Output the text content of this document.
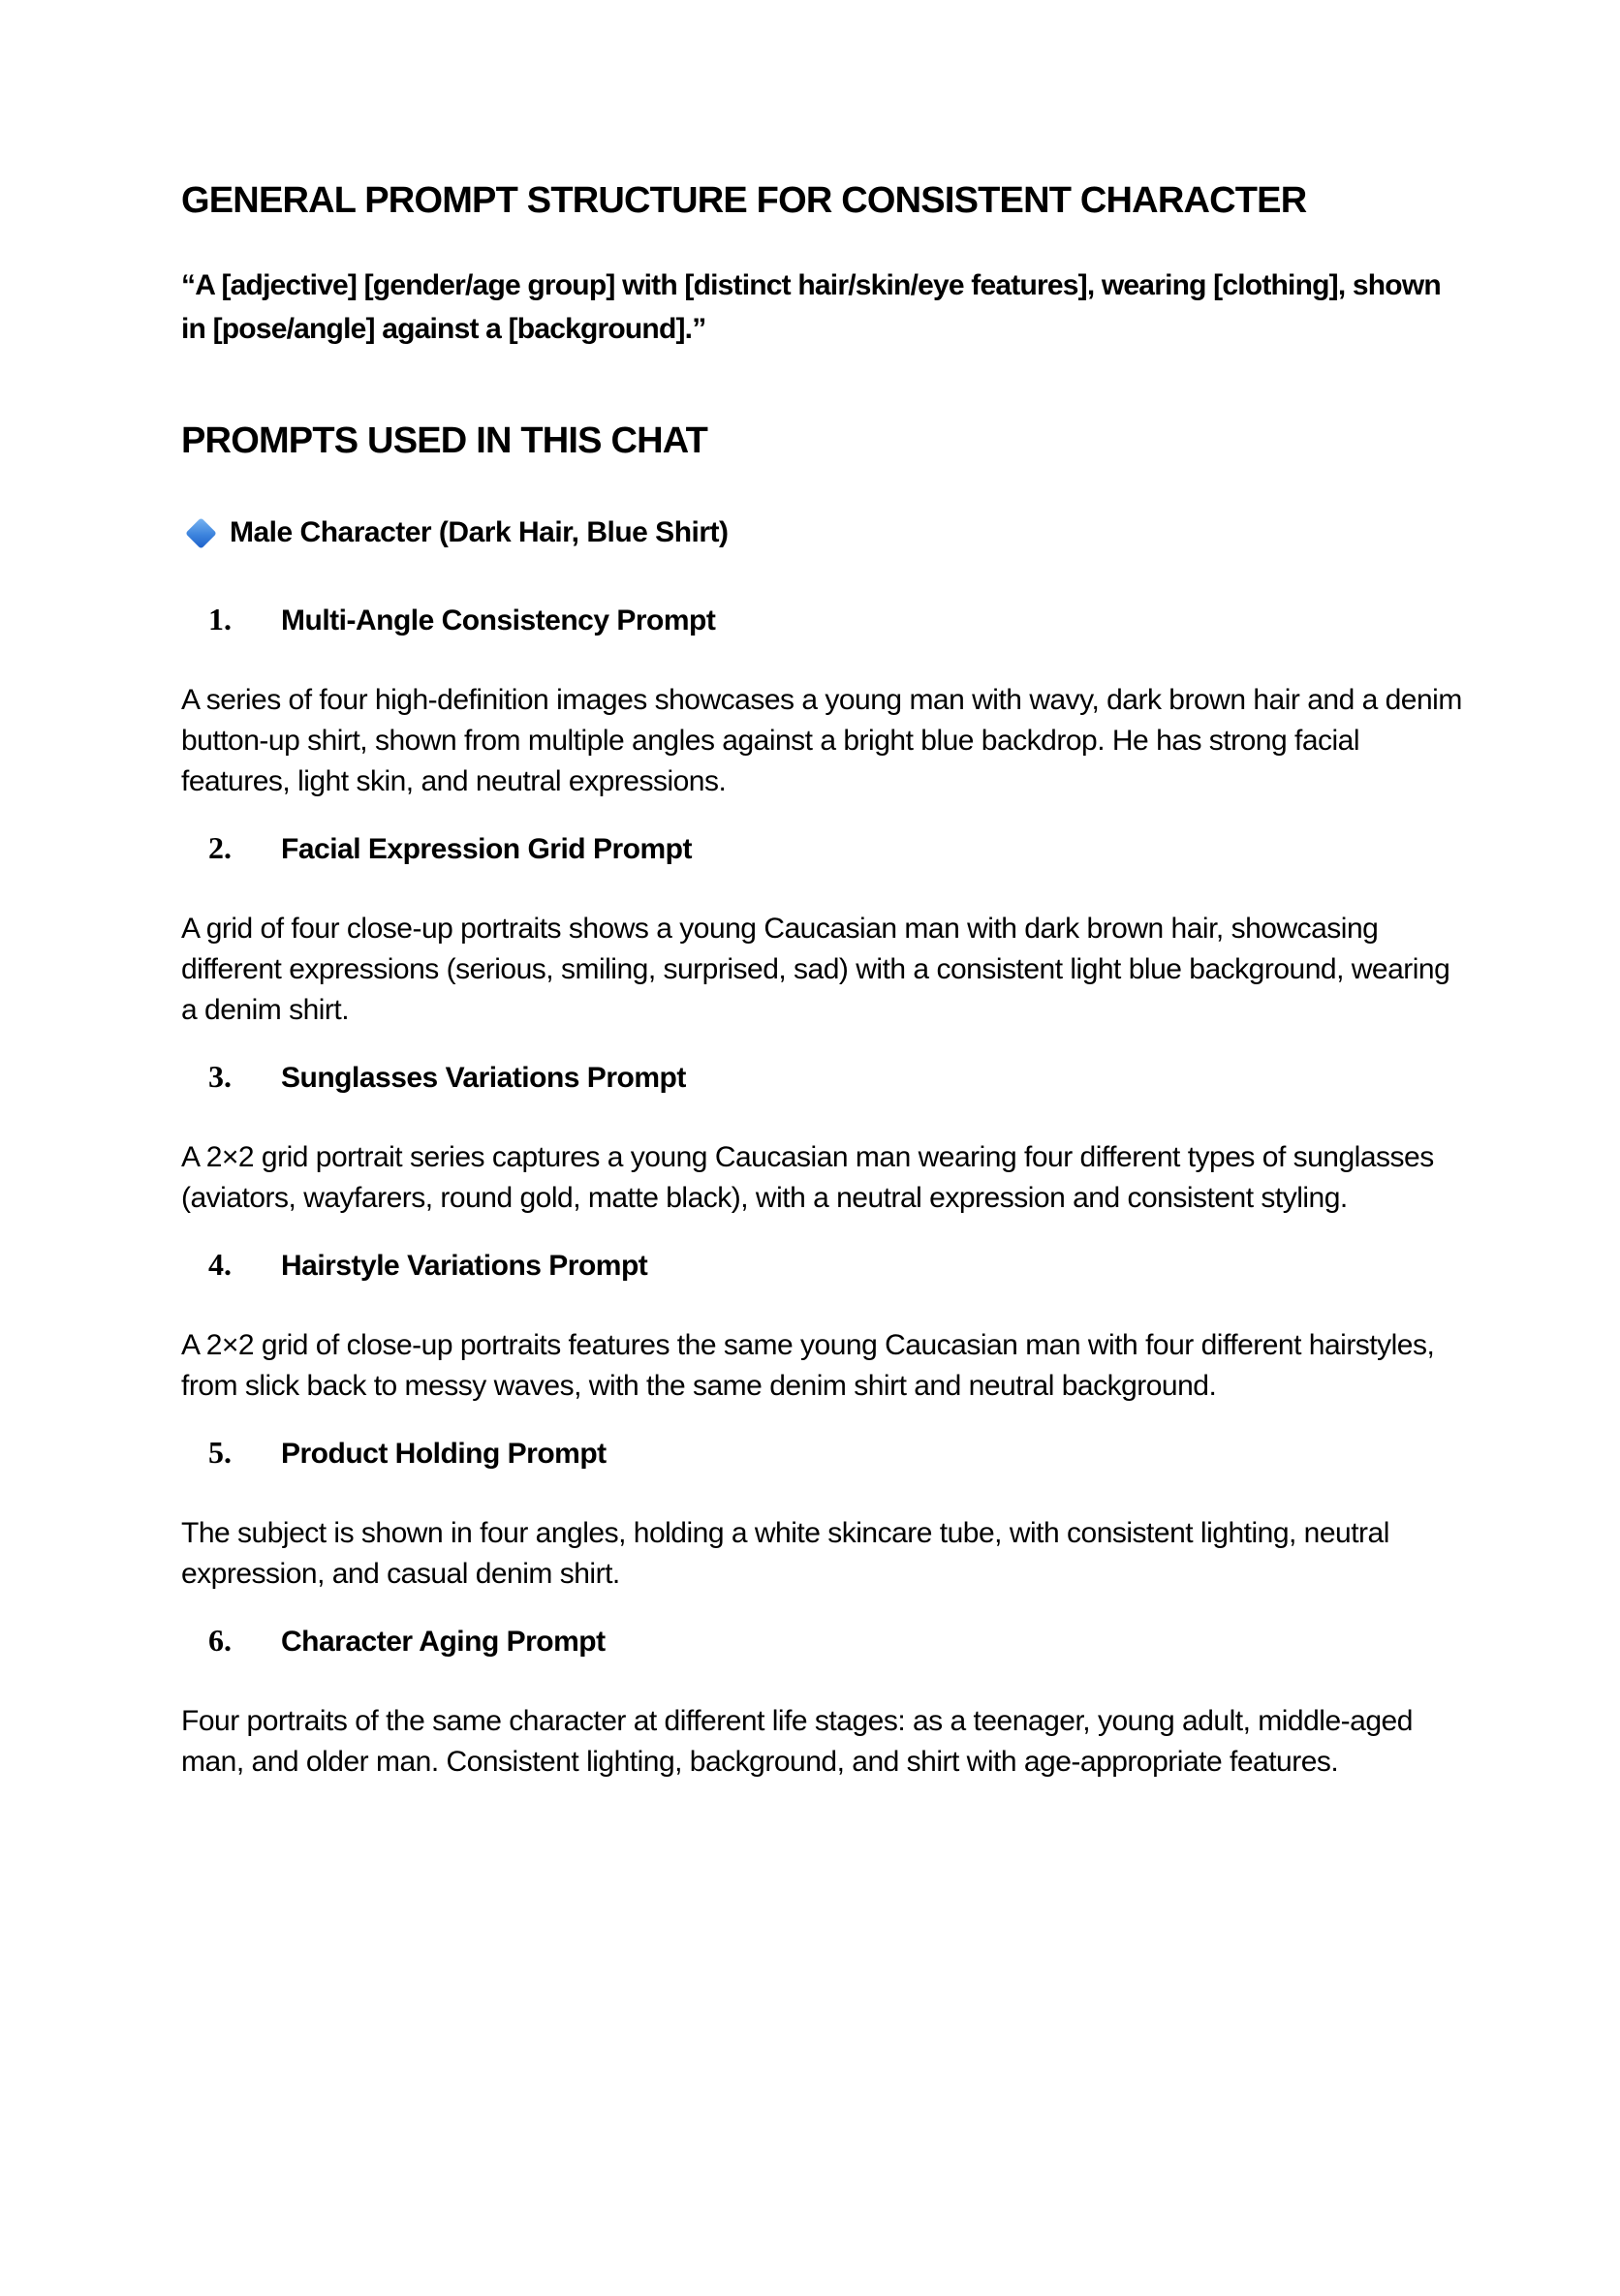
GENERAL PROMPT STRUCTURE FOR CONSISTENT CHARACTER

“A [adjective] [gender/age group] with [distinct hair/skin/eye features], wearing [clothing], shown in [pose/angle] against a [background].”

PROMPTS USED IN THIS CHAT
Male Character (Dark Hair, Blue Shirt)
1.	Multi-Angle Consistency Prompt

A series of four high-definition images showcases a young man with wavy, dark brown hair and a denim button-up shirt, shown from multiple angles against a bright blue backdrop. He has strong facial features, light skin, and neutral expressions.

2.	Facial Expression Grid Prompt

A grid of four close-up portraits shows a young Caucasian man with dark brown hair, showcasing different expressions (serious, smiling, surprised, sad) with a consistent light blue background, wearing a denim shirt.

3.	Sunglasses Variations Prompt

A 2×2 grid portrait series captures a young Caucasian man wearing four different types of sunglasses (aviators, wayfarers, round gold, matte black), with a neutral expression and consistent styling.

4.	Hairstyle Variations Prompt

A 2×2 grid of close-up portraits features the same young Caucasian man with four different hairstyles, from slick back to messy waves, with the same denim shirt and neutral background.

5.	Product Holding Prompt

The subject is shown in four angles, holding a white skincare tube, with consistent lighting, neutral expression, and casual denim shirt.

6.	Character Aging Prompt

Four portraits of the same character at different life stages: as a teenager, young adult, middle-aged man, and older man. Consistent lighting, background, and shirt with age-appropriate features.
